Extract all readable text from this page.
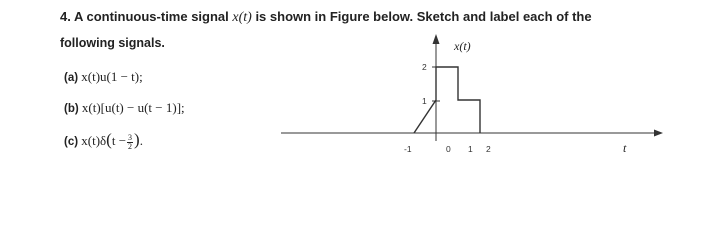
4. A continuous-time signal x(t) is shown in Figure below. Sketch and label each of the
following signals.
(a) x(t)u(1 − t);
(b) x(t)[u(t) − u(t − 1)];
(c) $x(t)\delta(t - \frac{3}{2}$ ).
x(t)
t
2
1
-1	0 1 2
